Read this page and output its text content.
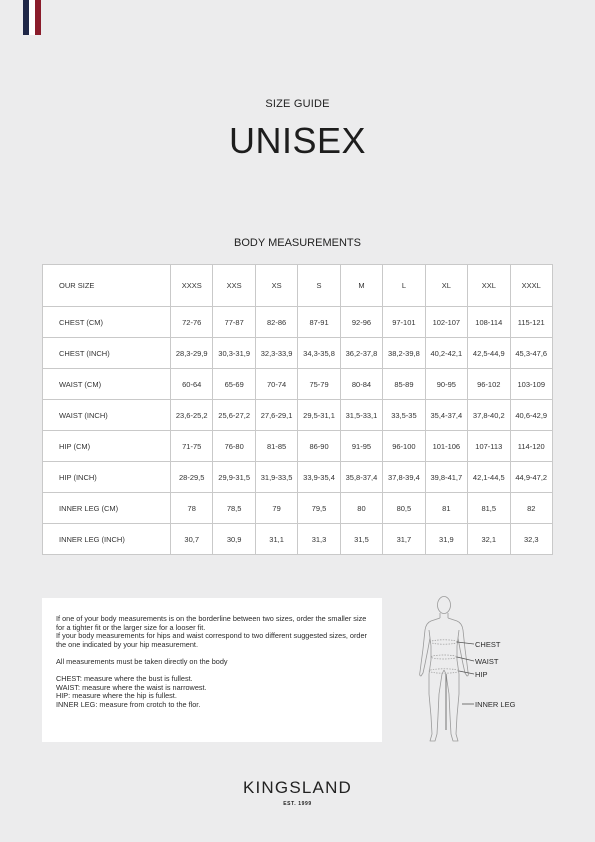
SIZE GUIDE
UNISEX
BODY MEASUREMENTS
OUR SIZE	XXXS	XXS	XS	S	M	L	XL	XXL	XXXL
CHEST (CM)	72-76	77-87	82-86	87-91	92-96	97-101	102-107	108-114	115-121
CHEST (INCH)	28,3-29,9	30,3-31,9	32,3-33,9	34,3-35,8	36,2-37,8	38,2-39,8	40,2-42,1	42,5-44,9	45,3-47,6
WAIST (CM)	60-64	65-69	70-74	75-79	80-84	85-89	90-95	96-102	103-109
WAIST (INCH)	23,6-25,2	25,6-27,2	27,6-29,1	29,5-31,1	31,5-33,1	33,5-35	35,4-37,4	37,8-40,2	40,6-42,9
HIP (CM)	71-75	76-80	81-85	86-90	91-95	96-100	101-106	107-113	114-120
HIP (INCH)	28-29,5	29,9-31,5	31,9-33,5	33,9-35,4	35,8-37,4	37,8-39,4	39,8-41,7	42,1-44,5	44,9-47,2
INNER LEG (CM)	78	78,5	79	79,5	80	80,5	81	81,5	82
INNER LEG (INCH)	30,7	30,9	31,1	31,3	31,5	31,7	31,9	32,1	32,3

If one of your body measurements is on the borderline between two sizes, order the smaller size for a tighter fit or the larger size for a looser fit.

If your body measurements for hips and waist correspond to two different suggested sizes, order the one indicated by your hip measurement.

All measurements must be taken directly on the body

CHEST: measure where the bust is fullest.

WAIST: measure where the waist is narrowest.

HIP: measure where the hip is fullest.

INNER LEG: measure from crotch to the flor.

CHEST
WAIST
HIP
INNER LEG
KINGSLAND
EST. 1999
